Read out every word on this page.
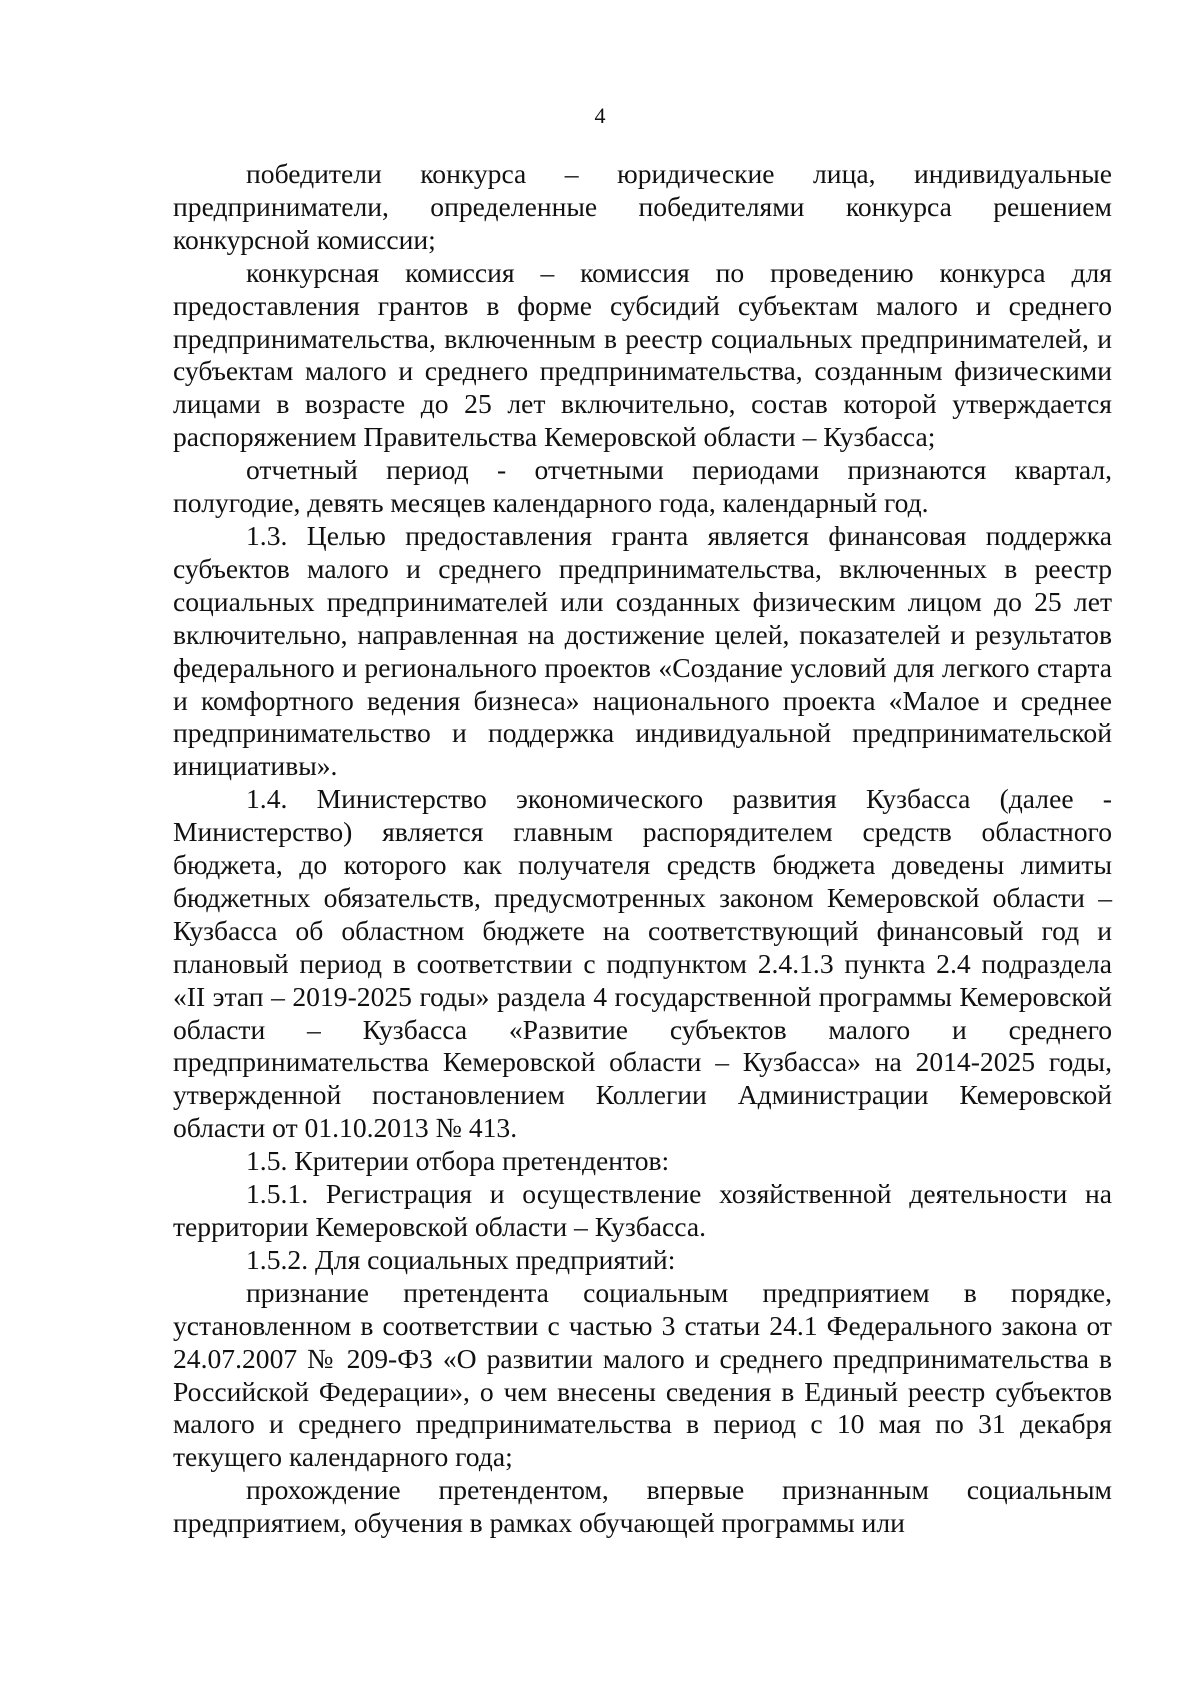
4

победители конкурса – юридические лица, индивидуальные предприниматели, определенные победителями конкурса решением конкурсной комиссии;

конкурсная комиссия – комиссия по проведению конкурса для предоставления грантов в форме субсидий субъектам малого и среднего предпринимательства, включенным в реестр социальных предпринимателей, и субъектам малого и среднего предпринимательства, созданным физическими лицами в возрасте до 25 лет включительно, состав которой утверждается распоряжением Правительства Кемеровской области – Кузбасса;

отчетный период - отчетными периодами признаются квартал, полугодие, девять месяцев календарного года, календарный год.

1.3. Целью предоставления гранта является финансовая поддержка субъектов малого и среднего предпринимательства, включенных в реестр социальных предпринимателей или созданных физическим лицом до 25 лет включительно, направленная на достижение целей, показателей и результатов федерального и регионального проектов «Создание условий для легкого старта и комфортного ведения бизнеса» национального проекта «Малое и среднее предпринимательство и поддержка индивидуальной предпринимательской инициативы».

1.4. Министерство экономического развития Кузбасса (далее - Министерство) является главным распорядителем средств областного бюджета, до которого как получателя средств бюджета доведены лимиты бюджетных обязательств, предусмотренных законом Кемеровской области – Кузбасса об областном бюджете на соответствующий финансовый год и плановый период в соответствии с подпунктом 2.4.1.3 пункта 2.4 подраздела «II этап – 2019-2025 годы» раздела 4 государственной программы Кемеровской области – Кузбасса «Развитие субъектов малого и среднего предпринимательства Кемеровской области – Кузбасса» на 2014-2025 годы, утвержденной постановлением Коллегии Администрации Кемеровской области от 01.10.2013 № 413.

1.5. Критерии отбора претендентов:

1.5.1. Регистрация и осуществление хозяйственной деятельности на территории Кемеровской области – Кузбасса.

1.5.2. Для социальных предприятий:

признание претендента социальным предприятием в порядке, установленном в соответствии с частью 3 статьи 24.1 Федерального закона от 24.07.2007 № 209-ФЗ «О развитии малого и среднего предпринимательства в Российской Федерации», о чем внесены сведения в Единый реестр субъектов малого и среднего предпринимательства в период с 10 мая по 31 декабря текущего календарного года;

прохождение претендентом, впервые признанным социальным предприятием, обучения в рамках обучающей программы или
